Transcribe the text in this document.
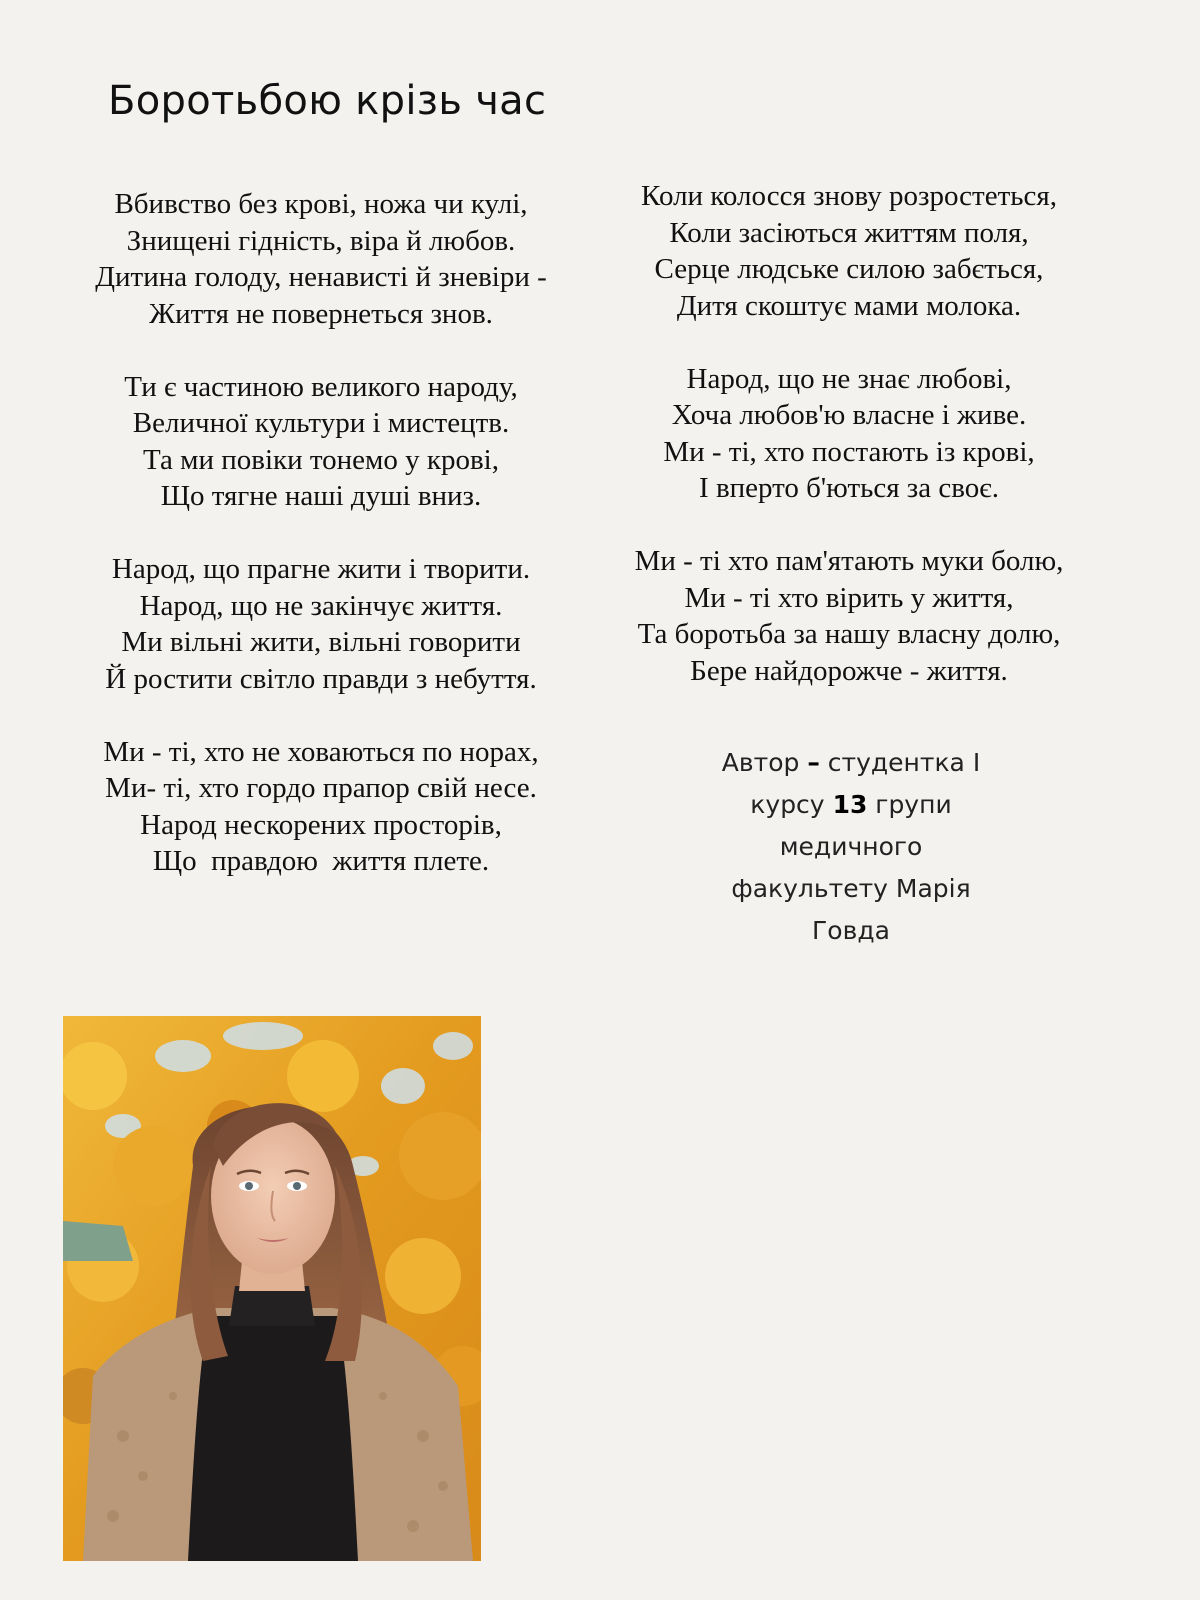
Боротьбою крізь час
Вбивство без крові, ножа чи кулі,
Знищені гідність, віра й любов.
Дитина голоду, ненависті й зневіри -
Життя не повернеться знов.
Ти є частиною великого народу,
Величної культури і мистецтв.
Та ми повіки тонемо у крові,
Що тягне наші душі вниз.
Народ, що прагне жити і творити.
Народ, що не закінчує життя.
Ми вільні жити, вільні говорити
Й ростити світло правди з небуття.
Ми - ті, хто не ховаються по норах,
Ми- ті, хто гордо прапор свій несе.
Народ нескорених просторів,
Що  правдою  життя плете.
Коли колосся знову розростеться,
Коли засіються життям поля,
Серце людське силою забється,
Дитя скоштує мами молока.
Народ, що не знає любові,
Хоча любов'ю власне і живе.
Ми - ті, хто постають із крові,
І вперто б'ються за своє.
Ми - ті хто пам'ятають муки болю,
Ми - ті хто вірить у життя,
Та боротьба за нашу власну долю,
Бере найдорожче - життя.
Автор – студентка І
курсу 13 групи
медичного
факультету Марія
Говда
